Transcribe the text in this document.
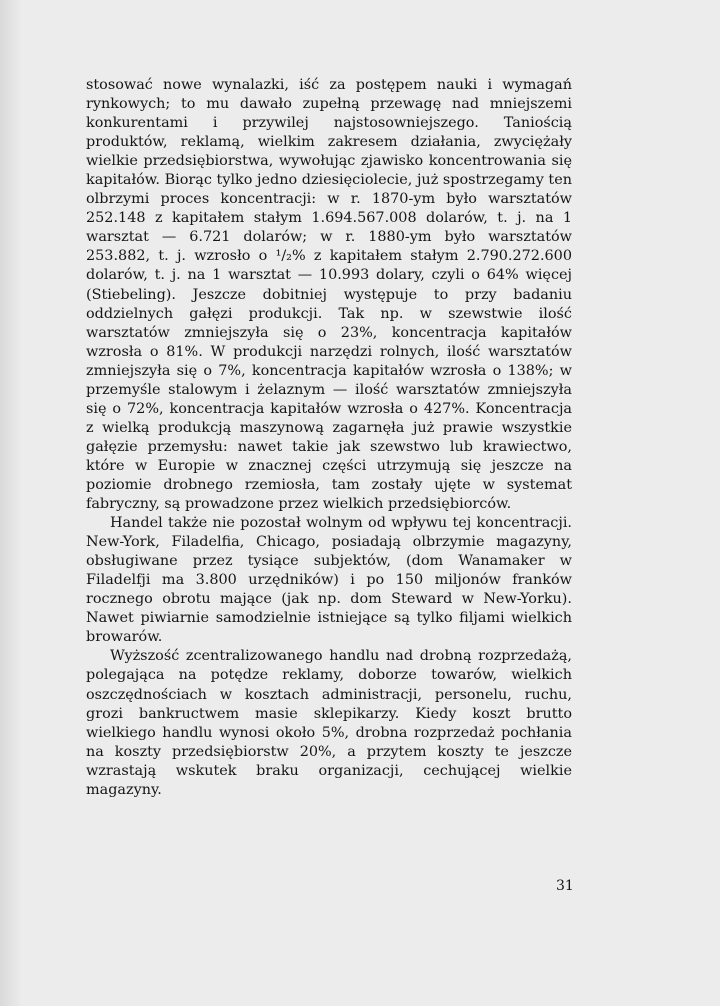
stosować nowe wynalazki, iść za postępem nauki i wymagań rynkowych; to mu dawało zupełną przewagę nad mniejszemi konkurentami i przywilej najstosowniejszego. Taniością produktów, reklamą, wielkim zakresem działania, zwyciężały wielkie przedsiębiorstwa, wywołując zjawisko koncentrowania się kapitałów. Biorąc tylko jedno dziesięciolecie, już spostrzegamy ten olbrzymi proces koncentracji: w r. 1870-ym było warsztatów 252.148 z kapitałem stałym 1.694.567.008 dolarów, t. j. na 1 warsztat — 6.721 dolarów; w r. 1880-ym było warsztatów 253.882, t. j. wzrosło o ¹/₂% z kapitałem stałym 2.790.272.600 dolarów, t. j. na 1 warsztat — 10.993 dolary, czyli o 64% więcej (Stiebeling). Jeszcze dobitniej występuje to przy badaniu oddzielnych gałęzi produkcji. Tak np. w szewstwie ilość warsztatów zmniejszyła się o 23%, koncentracja kapitałów wzrosła o 81%. W produkcji narzędzi rolnych, ilość warsztatów zmniejszyła się o 7%, koncentracja kapitałów wzrosła o 138%; w przemyśle stalowym i żelaznym — ilość warsztatów zmniejszyła się o 72%, koncentracja kapitałów wzrosła o 427%. Koncentracja z wielką produkcją maszynową zagarnęła już prawie wszystkie gałęzie przemysłu: nawet takie jak szewstwo lub krawiectwo, które w Europie w znacznej części utrzymują się jeszcze na poziomie drobnego rzemiosła, tam zostały ujęte w systemat fabryczny, są prowadzone przez wielkich przedsiębiorców.

Handel także nie pozostał wolnym od wpływu tej koncentracji. New-York, Filadelfia, Chicago, posiadają olbrzymie magazyny, obsługiwane przez tysiące subjektów, (dom Wanamaker w Filadelfji ma 3.800 urzędników) i po 150 miljonów franków rocznego obrotu mające (jak np. dom Steward w New-Yorku). Nawet piwiarnie samodzielnie istniejące są tylko filjami wielkich browarów.

Wyższość zcentralizowanego handlu nad drobną rozprzedażą, polegająca na potędze reklamy, doborze towarów, wielkich oszczędnościach w kosztach administracji, personelu, ruchu, grozi bankructwem masie sklepikarzy. Kiedy koszt brutto wielkiego handlu wynosi około 5%, drobna rozprzedaż pochłania na koszty przedsiębiorstw 20%, a przytem koszty te jeszcze wzrastają wskutek braku organizacji, cechującej wielkie magazyny.

31
